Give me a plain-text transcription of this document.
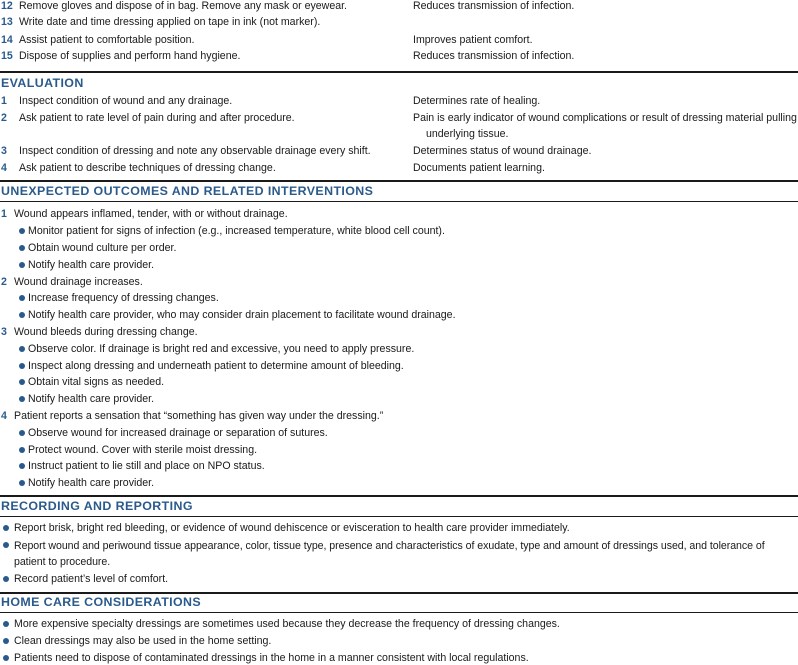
12 Remove gloves and dispose of in bag. Remove any mask or eyewear.	Reduces transmission of infection.
13 Write date and time dressing applied on tape in ink (not marker).
14 Assist patient to comfortable position.	Improves patient comfort.
15 Dispose of supplies and perform hand hygiene.	Reduces transmission of infection.
EVALUATION
1 Inspect condition of wound and any drainage.	Determines rate of healing.
2 Ask patient to rate level of pain during and after procedure.	Pain is early indicator of wound complications or result of dressing material pulling
underlying tissue.
3 Inspect condition of dressing and note any observable drainage every shift.	Determines status of wound drainage.
4 Ask patient to describe techniques of dressing change.	Documents patient learning.
UNEXPECTED OUTCOMES AND RELATED INTERVENTIONS
1 Wound appears inflamed, tender, with or without drainage.
Monitor patient for signs of infection (e.g., increased temperature, white blood cell count).
Obtain wound culture per order.
Notify health care provider.
2 Wound drainage increases.
Increase frequency of dressing changes.
Notify health care provider, who may consider drain placement to facilitate wound drainage.
3 Wound bleeds during dressing change.
Observe color. If drainage is bright red and excessive, you need to apply pressure.
Inspect along dressing and underneath patient to determine amount of bleeding.
Obtain vital signs as needed.
Notify health care provider.
4 Patient reports a sensation that “something has given way under the dressing.”
Observe wound for increased drainage or separation of sutures.
Protect wound. Cover with sterile moist dressing.
Instruct patient to lie still and place on NPO status.
Notify health care provider.
RECORDING AND REPORTING
Report brisk, bright red bleeding, or evidence of wound dehiscence or evisceration to health care provider immediately.
Report wound and periwound tissue appearance, color, tissue type, presence and characteristics of exudate, type and amount of dressings used, and tolerance of patient to procedure.
Record patient’s level of comfort.
HOME CARE CONSIDERATIONS
More expensive specialty dressings are sometimes used because they decrease the frequency of dressing changes.
Clean dressings may also be used in the home setting.
Patients need to dispose of contaminated dressings in the home in a manner consistent with local regulations.
